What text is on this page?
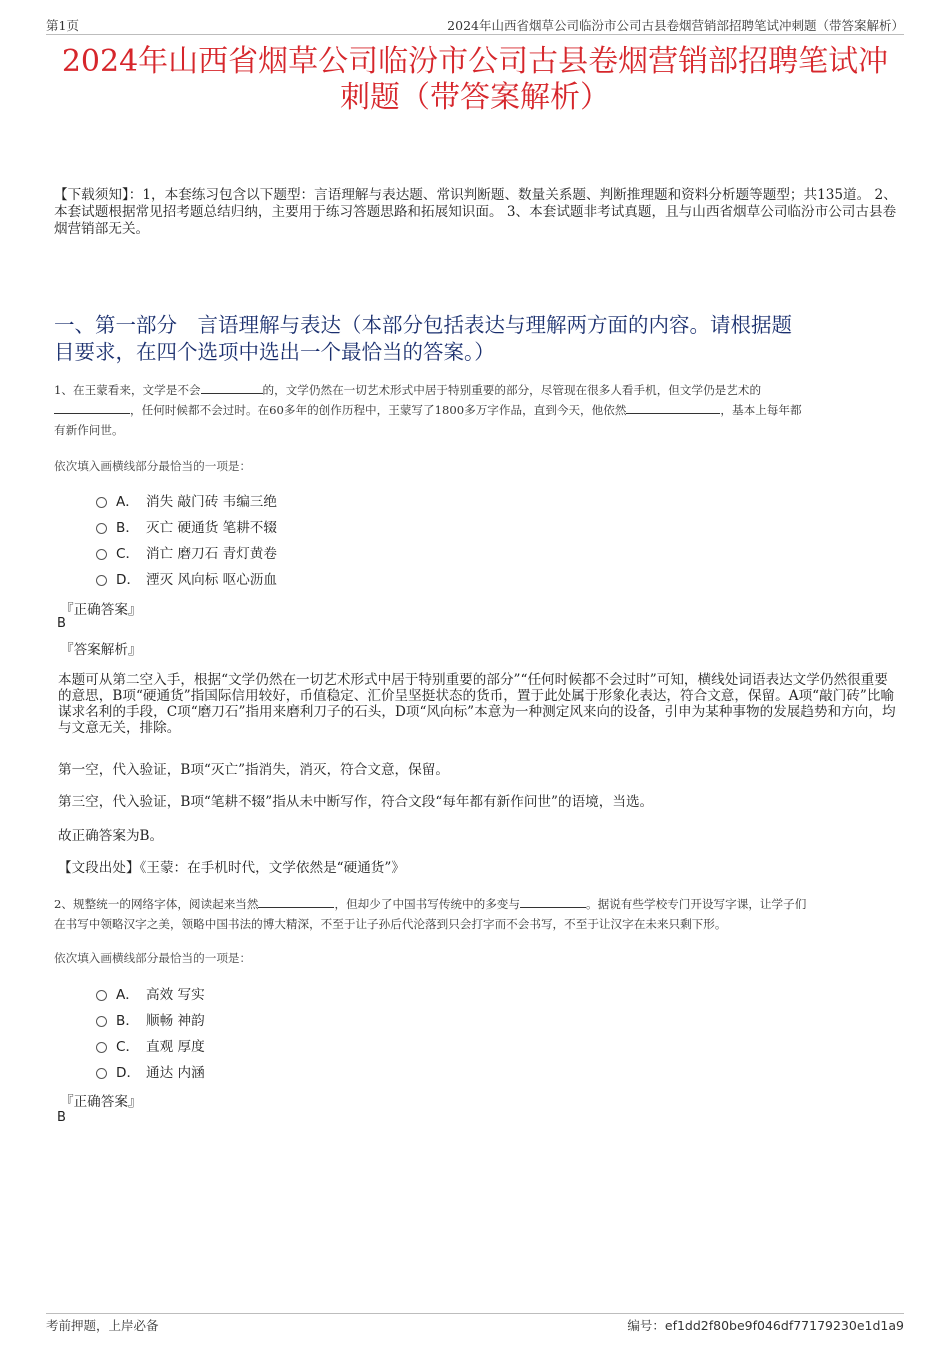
第1页	2024年山西省烟草公司临汾市公司古县卷烟营销部招聘笔试冲刺题（带答案解析）
2024年山西省烟草公司临汾市公司古县卷烟营销部招聘笔试冲
刺题（带答案解析）
【下载须知】：1，本套练习包含以下题型：言语理解与表达题、常识判断题、数量关系题、判断推理题和资料分析题等题型；共135道。 2、本套试题根据常见招考题总结归纳，主要用于练习答题思路和拓展知识面。 3、本套试题非考试真题，且与山西省烟草公司临汾市公司古县卷烟营销部无关。
一、第一部分　言语理解与表达（本部分包括表达与理解两方面的内容。请根据题
目要求，在四个选项中选出一个最恰当的答案。）
1、在王蒙看来，文学是不会	的，文学仍然在一切艺术形式中居于特别重要的部分，尽管现在很多人看手机，但文学仍是艺术的
，任何时候都不会过时。在60多年的创作历程中，王蒙写了1800多万字作品，直到今天，他依然	，基本上每年都
有新作问世。
依次填入画横线部分最恰当的一项是：
A． 消失 敲门砖 韦编三绝
B． 灭亡 硬通货 笔耕不辍
C． 消亡 磨刀石 青灯黄卷
D． 湮灭 风向标 呕心沥血
『正确答案』
B
『答案解析』
本题可从第二空入手，根据“文学仍然在一切艺术形式中居于特别重要的部分”“任何时候都不会过时”可知，横线处词语表达文学仍然很重要的意思，B项“硬通货”指国际信用较好，币值稳定、汇价呈坚挺状态的货币，置于此处属于形象化表达，符合文意，保留。A项“敲门砖”比喻谋求名利的手段，C项“磨刀石”指用来磨利刀子的石头，D项“风向标”本意为一种测定风来向的设备，引申为某种事物的发展趋势和方向，均与文意无关，排除。
第一空，代入验证，B项“灭亡”指消失，消灭，符合文意，保留。
第三空，代入验证，B项“笔耕不辍”指从未中断写作，符合文段“每年都有新作问世”的语境，当选。
故正确答案为B。
【文段出处】《王蒙：在手机时代，文学依然是“硬通货”》
2、规整统一的网络字体，阅读起来当然	，但却少了中国书写传统中的多变与	。据说有些学校专门开设写字课，让学子们
在书写中领略汉字之美，领略中国书法的博大精深，不至于让子孙后代沦落到只会打字而不会书写，不至于让汉字在未来只剩下形。
依次填入画横线部分最恰当的一项是：
A． 高效 写实
B． 顺畅 神韵
C． 直观 厚度
D． 通达 内涵
『正确答案』
B
考前押题，上岸必备	编号：ef1dd2f80be9f046df77179230e1d1a9
